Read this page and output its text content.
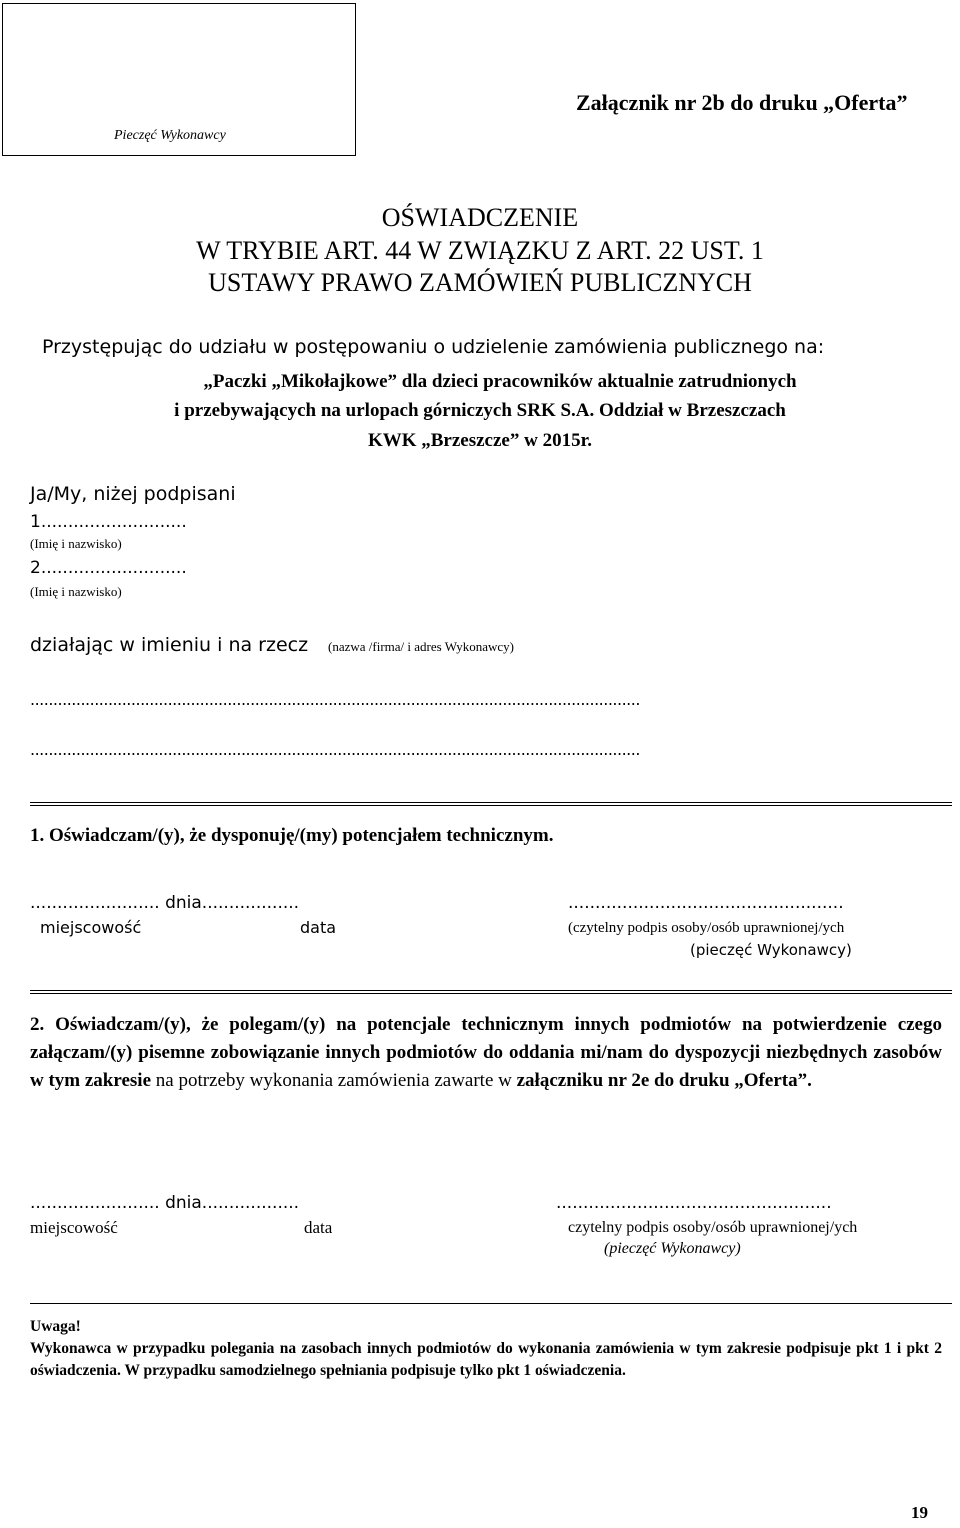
Pieczęć Wykonawcy
Załącznik nr 2b do druku „Oferta”
OŚWIADCZENIE
W TRYBIE ART. 44 W ZWIĄZKU Z ART. 22 UST. 1
USTAWY PRAWO ZAMÓWIEŃ PUBLICZNYCH
Przystępując do udziału w postępowaniu o udzielenie zamówienia publicznego na:
„Paczki „Mikołajkowe” dla dzieci pracowników aktualnie zatrudnionych
i przebywających na urlopach górniczych SRK S.A. Oddział w Brzeszczach
KWK „Brzeszcze” w 2015r.
Ja/My, niżej podpisani
1...........................
(Imię i nazwisko)
2...........................
(Imię i nazwisko)
działając w imieniu i na rzecz (nazwa /firma/ i adres Wykonawcy)
.....................................................................................................................................
.....................................................................................................................................
1. Oświadczam/(y), że dysponuję/(my) potencjałem technicznym.
........................ dnia..................	...................................................
miejscowość	data	(czytelny podpis osoby/osób uprawnionej/ych
(pieczęć Wykonawcy)
2. Oświadczam/(y), że polegam/(y) na potencjale technicznym innych podmiotów na potwierdzenie czego załączam/(y) pisemne zobowiązanie innych podmiotów do oddania mi/nam do dyspozycji niezbędnych zasobów w tym zakresie na potrzeby wykonania zamówienia zawarte w załączniku nr 2e do druku „Oferta”.
........................ dnia..................	...................................................
miejscowość	data	czytelny podpis osoby/osób uprawnionej/ych
(pieczęć Wykonawcy)
Uwaga!
Wykonawca w przypadku polegania na zasobach innych podmiotów do wykonania zamówienia w tym zakresie podpisuje pkt 1 i pkt 2 oświadczenia. W przypadku samodzielnego spełniania podpisuje tylko pkt 1 oświadczenia.
19
